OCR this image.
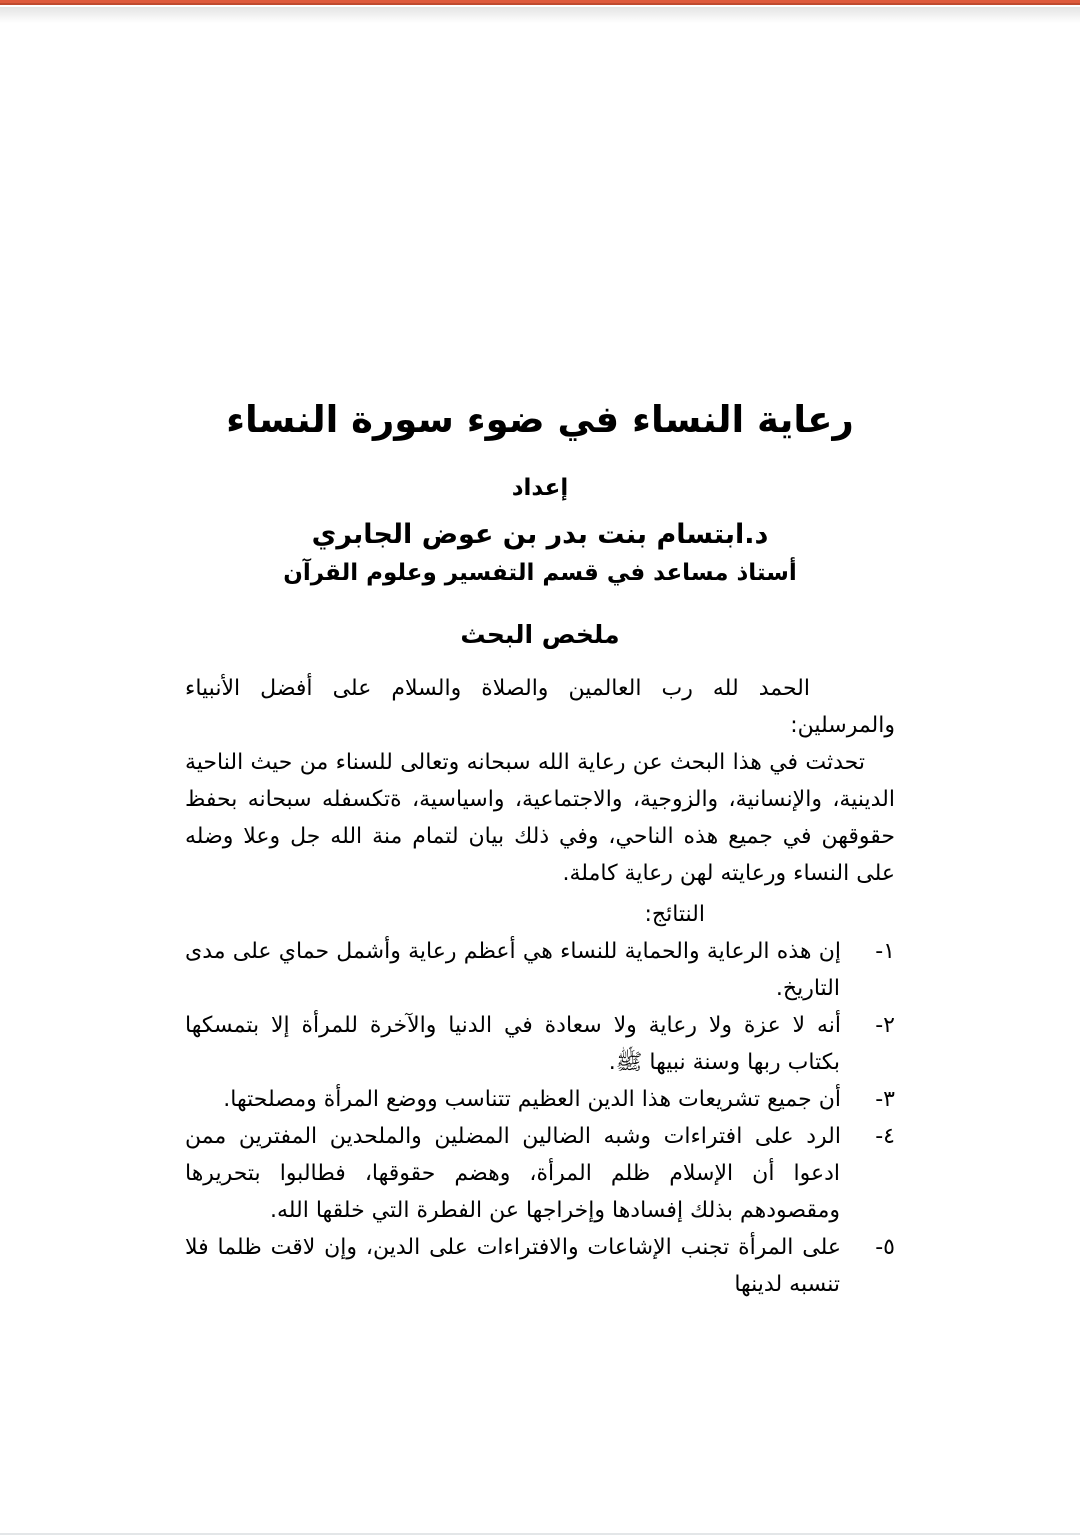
رعاية النساء في ضوء سورة النساء
إعداد
د.ابتسام بنت بدر بن عوض الجابري
أستاذ مساعد في قسم التفسير وعلوم القرآن
ملخص البحث

الحمد لله رب العالمين والصلاة والسلام على أفضل الأنبياء والمرسلين:

تحدثت في هذا البحث عن رعاية الله سبحانه وتعالى للسناء من حيث الناحية الدينية، والإنسانية، والزوجية، والاجتماعية، واسياسية، ةتكسفله سبحانه بحفظ حقوقهن في جميع هذه الناحي، وفي ذلك بيان لتمام منة الله جل وعلا وضله على النساء ورعايته لهن رعاية كاملة.

النتائج:
١-إن هذه الرعاية والحماية للنساء هي أعظم رعاية وأشمل حماي على مدى التاريخ.
٢-أنه لا عزة ولا رعاية ولا سعادة في الدنيا والآخرة للمرأة إلا بتمسكها بكتاب ربها وسنة نبيها ﷺ.
٣-أن جميع تشريعات هذا الدين العظيم تتناسب ووضع المرأة ومصلحتها.
٤-الرد على افتراءات وشبه الضالين المضلين والملحدين المفترين ممن ادعوا أن الإسلام ظلم المرأة، وهضم حقوقها، فطالبوا بتحريرها ومقصودهم بذلك إفسادها وإخراجها عن الفطرة التي خلقها الله.
٥-على المرأة تجنب الإشاعات والافتراءات على الدين، وإن لاقت ظلما فلا تنسبه لدينها
